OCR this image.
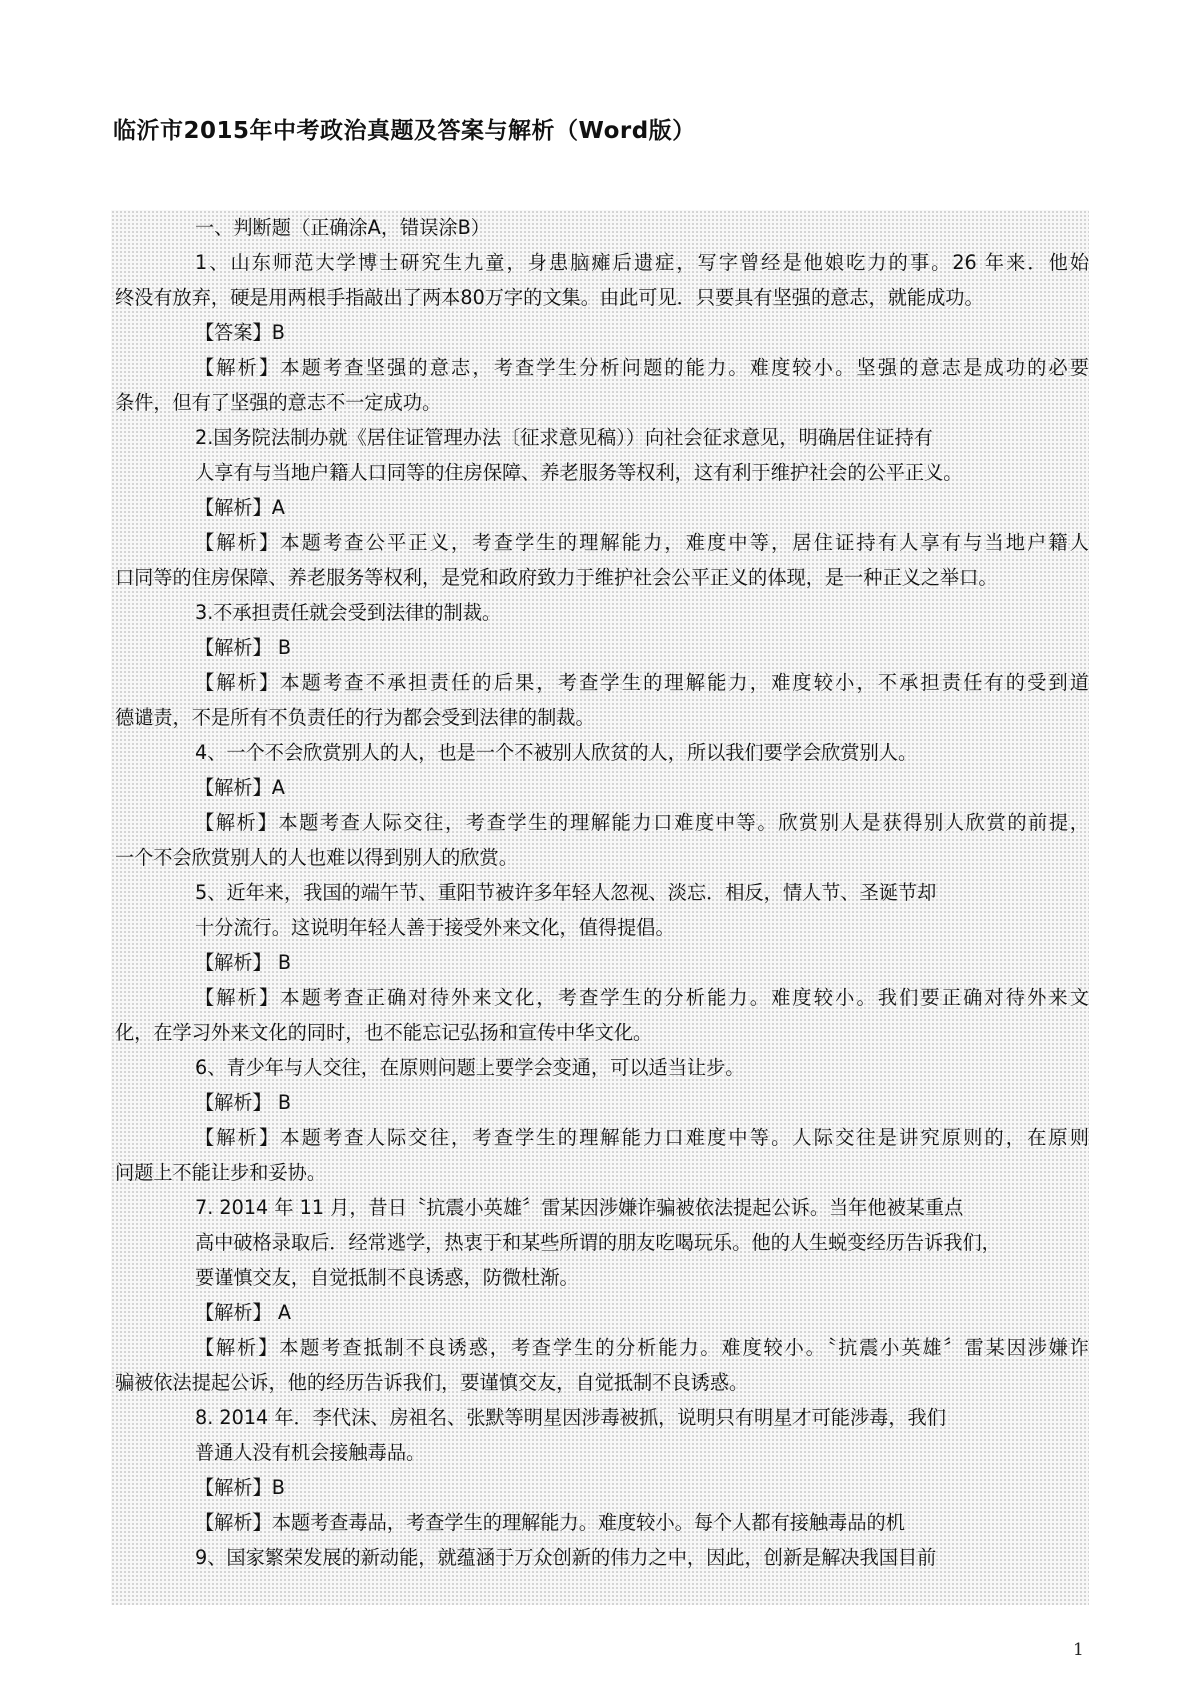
临沂市2015年中考政治真题及答案与解析（Word版）
一、判断题（正确涂A，错误涂B）
1、山东师范大学博士研究生九童，身患脑瘫后遗症，写字曾经是他娘吃力的事。26 年来．他始
终没有放弃，硬是用两根手指敲出了两本80万字的文集。由此可见．只要具有坚强的意志，就能成功。
【答案】B
【解析】本题考查坚强的意志，考查学生分析问题的能力。难度较小。坚强的意志是成功的必要
条件，但有了坚强的意志不一定成功。
2.国务院法制办就《居住证管理办法〔征求意见稿））向社会征求意见，明确居住证持有
人享有与当地户籍人口同等的住房保障、养老服务等权利，这有利于维护社会的公平正义。
【解析】A
【解析】本题考查公平正义，考查学生的理解能力，难度中等，居住证持有人享有与当地户籍人
口同等的住房保障、养老服务等权利，是党和政府致力于维护社会公平正义的体现，是一种正义之举口。
3.不承担责任就会受到法律的制裁。
【解析】 B
【解析】本题考查不承担责任的后果，考查学生的理解能力，难度较小，不承担责任有的受到道
德谴责，不是所有不负责任的行为都会受到法律的制裁。
4、一个不会欣赏别人的人，也是一个不被别人欣贫的人，所以我们要学会欣赏别人。
【解析】A
【解析】本题考查人际交往，考查学生的理解能力口难度中等。欣赏别人是获得别人欣赏的前提，
一个不会欣赏别人的人也难以得到别人的欣赏。
5、近年来，我国的端午节、重阳节被许多年轻人忽视、淡忘．相反，情人节、圣诞节却
十分流行。这说明年轻人善于接受外来文化，值得提倡。
【解析】 B
【解析】本题考查正确对待外来文化，考查学生的分析能力。难度较小。我们要正确对待外来文
化，在学习外来文化的同时，也不能忘记弘扬和宣传中华文化。
6、青少年与人交往，在原则问题上要学会变通，可以适当让步。
【解析】 B
【解析】本题考查人际交往，考查学生的理解能力口难度中等。人际交往是讲究原则的，在原则
问题上不能让步和妥协。
7. 2014 年 11 月，昔日〝抗震小英雄〞雷某因涉嫌诈骗被依法提起公诉。当年他被某重点
高中破格录取后．经常逃学，热衷于和某些所谓的朋友吃喝玩乐。他的人生蜕变经历告诉我们，
要谨慎交友，自觉抵制不良诱惑，防微杜渐。
【解析】 A
【解析】本题考查抵制不良诱惑，考查学生的分析能力。难度较小。〝抗震小英雄〞雷某因涉嫌诈
骗被依法提起公诉，他的经历告诉我们，要谨慎交友，自觉抵制不良诱惑。
8. 2014 年．李代沫、房祖名、张默等明星因涉毒被抓，说明只有明星才可能涉毒，我们
普通人没有机会接触毒品。
【解析】B
【解析】本题考查毒品，考查学生的理解能力。难度较小。每个人都有接触毒品的机
9、国家繁荣发展的新动能，就蕴涵于万众创新的伟力之中，因此，创新是解决我国目前
1
